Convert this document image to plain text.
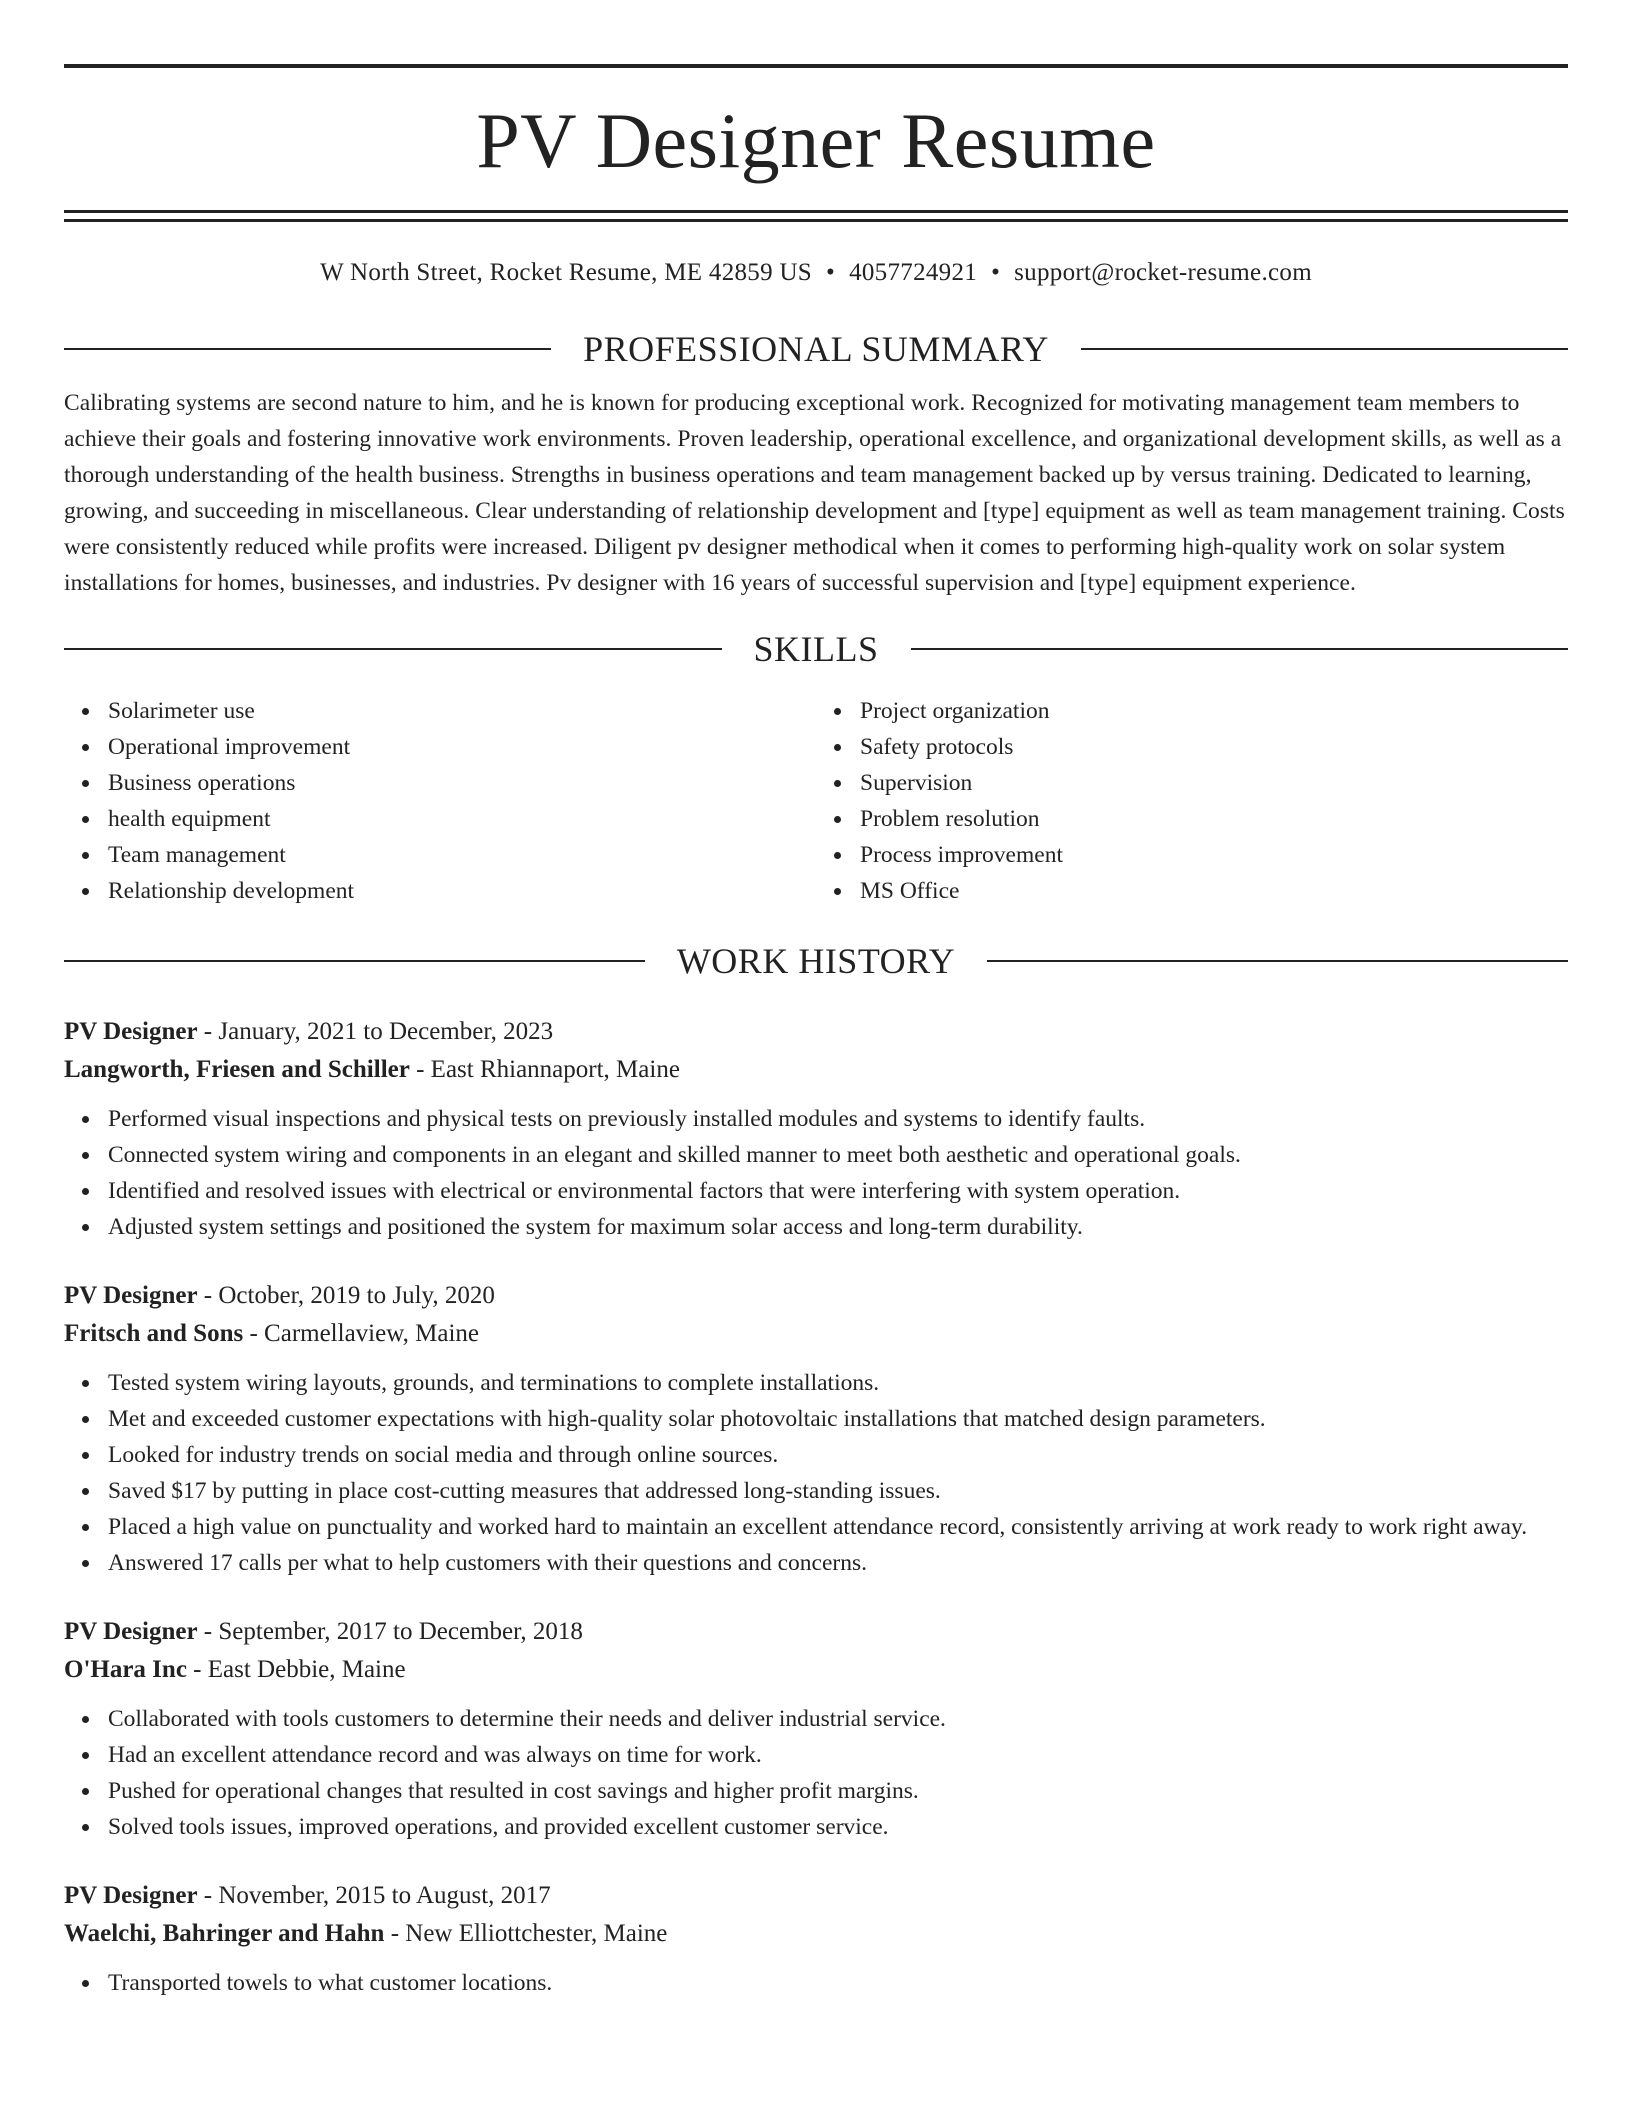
PV Designer Resume
W North Street, Rocket Resume, ME 42859 US • 4057724921 • support@rocket-resume.com
PROFESSIONAL SUMMARY
Calibrating systems are second nature to him, and he is known for producing exceptional work. Recognized for motivating management team members to achieve their goals and fostering innovative work environments. Proven leadership, operational excellence, and organizational development skills, as well as a thorough understanding of the health business. Strengths in business operations and team management backed up by versus training. Dedicated to learning, growing, and succeeding in miscellaneous. Clear understanding of relationship development and [type] equipment as well as team management training. Costs were consistently reduced while profits were increased. Diligent pv designer methodical when it comes to performing high-quality work on solar system installations for homes, businesses, and industries. Pv designer with 16 years of successful supervision and [type] equipment experience.
SKILLS
Solarimeter use
Operational improvement
Business operations
health equipment
Team management
Relationship development
Project organization
Safety protocols
Supervision
Problem resolution
Process improvement
MS Office
WORK HISTORY
PV Designer - January, 2021 to December, 2023
Langworth, Friesen and Schiller - East Rhiannaport, Maine
Performed visual inspections and physical tests on previously installed modules and systems to identify faults.
Connected system wiring and components in an elegant and skilled manner to meet both aesthetic and operational goals.
Identified and resolved issues with electrical or environmental factors that were interfering with system operation.
Adjusted system settings and positioned the system for maximum solar access and long-term durability.
PV Designer - October, 2019 to July, 2020
Fritsch and Sons - Carmellaview, Maine
Tested system wiring layouts, grounds, and terminations to complete installations.
Met and exceeded customer expectations with high-quality solar photovoltaic installations that matched design parameters.
Looked for industry trends on social media and through online sources.
Saved $17 by putting in place cost-cutting measures that addressed long-standing issues.
Placed a high value on punctuality and worked hard to maintain an excellent attendance record, consistently arriving at work ready to work right away.
Answered 17 calls per what to help customers with their questions and concerns.
PV Designer - September, 2017 to December, 2018
O'Hara Inc - East Debbie, Maine
Collaborated with tools customers to determine their needs and deliver industrial service.
Had an excellent attendance record and was always on time for work.
Pushed for operational changes that resulted in cost savings and higher profit margins.
Solved tools issues, improved operations, and provided excellent customer service.
PV Designer - November, 2015 to August, 2017
Waelchi, Bahringer and Hahn - New Elliottchester, Maine
Transported towels to what customer locations.
